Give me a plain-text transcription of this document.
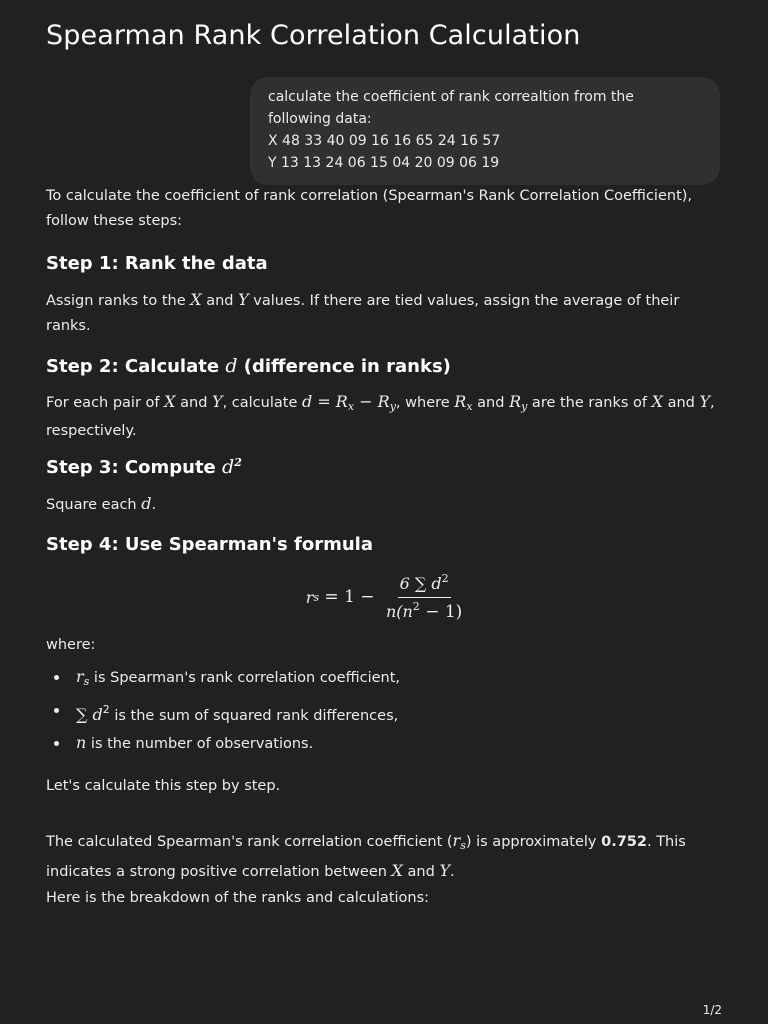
Spearman Rank Correlation Calculation
calculate the coefficient of rank correaltion from the
following data:
X 48 33 40 09 16 16 65 24 16 57
Y 13 13 24 06 15 04 20 09 06 19

To calculate the coefficient of rank correlation (Spearman's Rank Correlation Coefficient), follow these steps:

Step 1: Rank the data

Assign ranks to the X and Y values. If there are tied values, assign the average of their ranks.

Step 2: Calculate d (difference in ranks)

For each pair of X and Y, calculate $d = R_x - R_y$, where $R_x$ and $R_y$ are the ranks of X and Y, respectively.

Step 3: Compute $d^2$

Square each d.

Step 4: Use Spearman's formula
r $s = 1 - \frac{6 \sum d^2}{n(n^2 - 1)}$

where:

$r_s$ is Spearman's rank correlation coefficient,
∑ $d^2$ is the sum of squared rank differences,
n is the number of observations.

Let's calculate this step by step.

The calculated Spearman's rank correlation coefficient $(r_s)$ is approximately 0.752. This indicates a strong positive correlation between X and Y.

Here is the breakdown of the ranks and calculations:

1/2
